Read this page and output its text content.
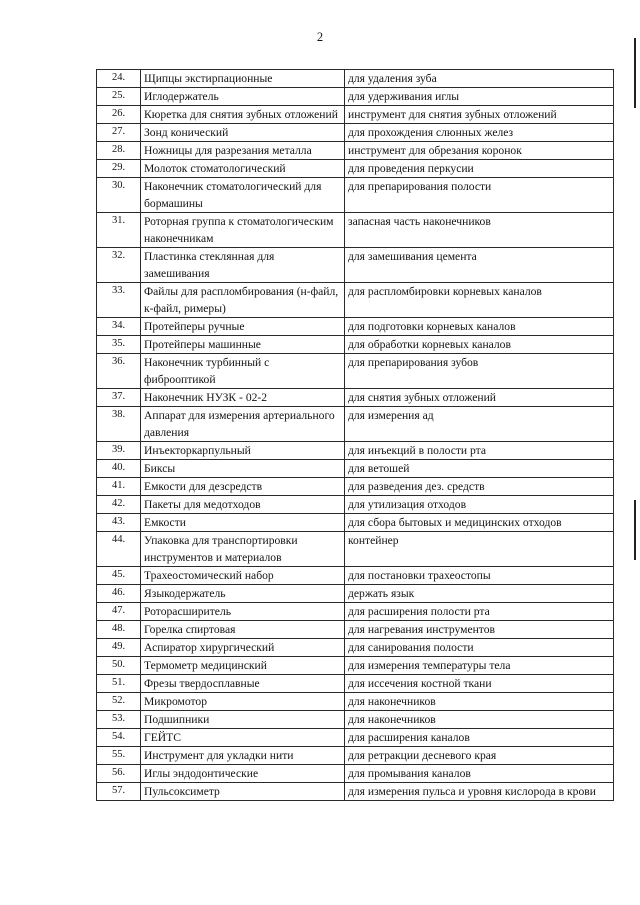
2
24.	Щипцы экстирпационные	для удаления зуба
25.	Иглодержатель	для удерживания иглы
26.	Кюретка для снятия зубных отложений	инструмент для снятия зубных отложений
27.	Зонд конический	для прохождения слюнных желез
28.	Ножницы для разрезания металла	инструмент для обрезания коронок
29.	Молоток стоматологический	для проведения перкусии
30.	Наконечник стоматологический для бормашины	для препарирования полости
31.	Роторная группа к стоматологическим наконечникам	запасная часть наконечников
32.	Пластинка стеклянная для замешивания	для замешивания цемента
33.	Файлы для распломбирования (н-файл, к-файл, римеры)	для распломбировки корневых каналов
34.	Протейперы ручные	для подготовки корневых каналов
35.	Протейперы машинные	для обработки корневых каналов
36.	Наконечник турбинный с фиброоптикой	для препарирования зубов
37.	Наконечник НУЗК - 02-2	для снятия зубных отложений
38.	Аппарат для измерения артериального давления	для измерения ад
39.	Инъекторкарпульный	для инъекций в полости рта
40.	Биксы	для ветошей
41.	Емкости для дезсредств	для разведения дез. средств
42.	Пакеты для медотходов	для утилизация отходов
43.	Емкости	для сбора бытовых и медицинских отходов
44.	Упаковка для транспортировки инструментов и материалов	контейнер
45.	Трахеостомический набор	для постановки трахеостопы
46.	Языкодержатель	держать язык
47.	Роторасширитель	для расширения полости рта
48.	Горелка спиртовая	для нагревания инструментов
49.	Аспиратор хирургический	для санирования полости
50.	Термометр медицинский	для измерения температуры тела
51.	Фрезы твердосплавные	для иссечения костной ткани
52.	Микромотор	для наконечников
53.	Подшипники	для наконечников
54.	ГЕЙТС	для расширения каналов
55.	Инструмент для укладки нити	для ретракции десневого края
56.	Иглы эндодонтические	для промывания каналов
57.	Пульсоксиметр	для измерения пульса и уровня кислорода в крови
